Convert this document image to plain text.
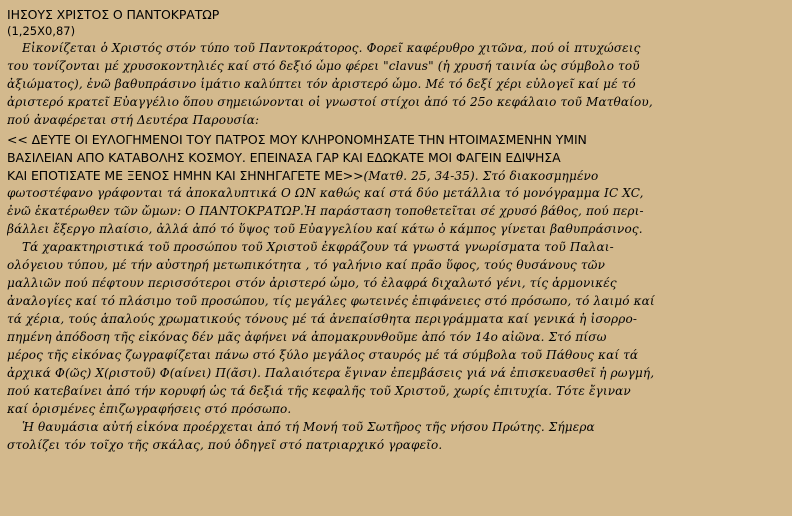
ΙΗΣΟΥΣ ΧΡΙΣΤΟΣ Ο ΠΑΝΤΟΚΡΑΤΩΡ
(1,25Χ0,87)
Εἰκονίζεται ὁ Χριστός στόν τύπο τοῦ Παντοκράτορος. Φορεῖ καφέρυθρο χιτῶνα, πού οἱ πτυχώσεις
του τονίζονται μέ χρυσοκοντηλιές καί στό δεξιό ὦμο φέρει "clavus" (ἡ χρυσή ταινία ὡς σύμβολο τοῦ
ἀξιώματος), ἐνῶ βαθυπράσινο ἱμάτιο καλύπτει τόν ἀριστερό ὦμο. Μέ τό δεξί χέρι εὐλογεῖ καί μέ τό
ἀριστερό κρατεῖ Εὐαγγέλιο ὅπου σημειώνονται οἱ γνωστοί στίχοι ἀπό τό 25ο κεφάλαιο τοῦ Ματθαίου,
πού ἀναφέρεται στή Δευτέρα Παρουσία:
<< ΔΕΥΤΕ ΟΙ ΕΥΛΟΓΗΜΕΝΟΙ ΤΟΥ ΠΑΤΡΟΣ ΜΟΥ ΚΛΗΡΟΝΟΜΗΣΑΤΕ ΤΗΝ ΗΤΟΙΜΑΣΜΕΝΗΝ ΥΜΙΝ
ΒΑΣΙΛΕΙΑΝ ΑΠΟ ΚΑΤΑΒΟΛΗΣ ΚΟΣΜΟΥ. ΕΠΕΙΝΑΣΑ ΓΑΡ ΚΑΙ ΕΔΩΚΑΤΕ ΜΟΙ ΦΑΓΕΙΝ ΕΔΙΨΗΣΑ
ΚΑΙ ΕΠΟΤΙΣΑΤΕ ΜΕ ΞΕΝΟΣ ΗΜΗΝ ΚΑΙ ΣΗΝΗΓΑΓΕΤΕ ΜΕ>>(Ματθ. 25, 34-35). Στό διακοσμημένο
φωτοστέφανο γράφονται τά ἀποκαλυπτικά Ο ΩΝ καθώς καί στά δύο μετάλλια τό μονόγραμμα IC XC,
ἐνῶ ἑκατέρωθεν τῶν ὤμων: Ο ΠΑΝΤΟΚΡΑΤΩΡ.Ἡ παράσταση τοποθετεῖται σέ χρυσό βάθος, πού περι-
βάλλει ἔξεργο πλαίσιο, ἀλλά ἀπό τό ὕψος τοῦ Εὐαγγελίου καί κάτω ὁ κάμπος γίνεται βαθυπράσινος.
Τά χαρακτηριστικά τοῦ προσώπου τοῦ Χριστοῦ ἐκφράζουν τά γνωστά γνωρίσματα τοῦ Παλαι-
ολόγειου τύπου, μέ τήν αὐστηρή μετωπικότητα , τό γαλήνιο καί πρᾶο ὕφος, τούς θυσάνους τῶν
μαλλιῶν πού πέφτουν περισσότεροι στόν ἀριστερό ὦμο, τό ἐλαφρά διχαλωτό γένι, τίς ἁρμονικές
ἀναλογίες καί τό πλάσιμο τοῦ προσώπου, τίς μεγάλες φωτεινές ἐπιφάνειες στό πρόσωπο, τό λαιμό καί
τά χέρια, τούς ἁπαλούς χρωματικούς τόνους μέ τά ἀνεπαίσθητα περιγράμματα καί γενικά ἡ ἰσορρο-
πημένη ἀπόδοση τῆς εἰκόνας δέν μᾶς ἀφήνει νά ἀπομακρυνθοῦμε ἀπό τόν 14ο αἰῶνα. Στό πίσω
μέρος τῆς εἰκόνας ζωγραφίζεται πάνω στό ξύλο μεγάλος σταυρός μέ τά σύμβολα τοῦ Πάθους καί τά
ἀρχικά Φ(ῶς) Χ(ριστοῦ) Φ(αίνει) Π(ᾶσι). Παλαιότερα ἔγιναν ἐπεμβάσεις γιά νά ἐπισκευασθεῖ ἡ ρωγμή,
πού κατεβαίνει ἀπό τήν κορυφή ὡς τά δεξιά τῆς κεφαλῆς τοῦ Χριστοῦ, χωρίς ἐπιτυχία. Τότε ἔγιναν
καί ὁρισμένες ἐπιζωγραφήσεις στό πρόσωπο.
Ἡ θαυμάσια αὐτή εἰκόνα προέρχεται ἀπό τή Μονή τοῦ Σωτῆρος τῆς νήσου Πρώτης. Σήμερα
στολίζει τόν τοῖχο τῆς σκάλας, πού ὁδηγεῖ στό πατριαρχικό γραφεῖο.
